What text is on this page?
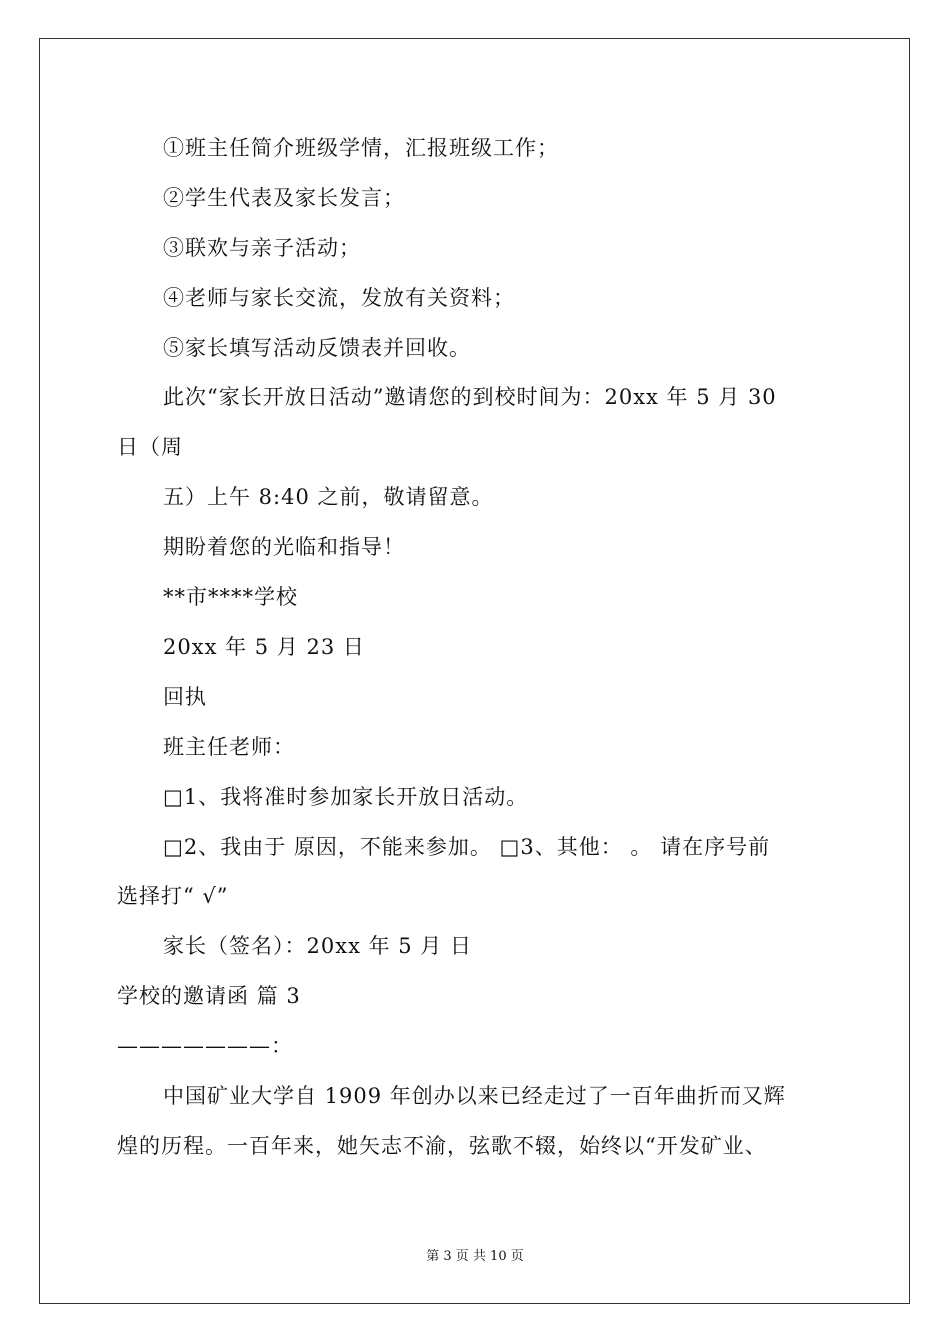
①班主任简介班级学情，汇报班级工作；
②学生代表及家长发言；
③联欢与亲子活动；
④老师与家长交流，发放有关资料；
⑤家长填写活动反馈表并回收。
此次“家长开放日活动”邀请您的到校时间为：20xx 年 5 月 30
日（周
五）上午 8:40 之前，敬请留意。
期盼着您的光临和指导！
**市****学校
20xx 年 5 月 23 日
回执
班主任老师：
□1、我将准时参加家长开放日活动。
□2、我由于 原因，不能来参加。 □3、其他： 。 请在序号前
选择打“ √”
家长（签名）：20xx 年 5 月 日
学校的邀请函 篇 3
———————：
中国矿业大学自 1909 年创办以来已经走过了一百年曲折而又辉
煌的历程。一百年来，她矢志不渝，弦歌不辍，始终以“开发矿业、
第 3 页 共 10 页
